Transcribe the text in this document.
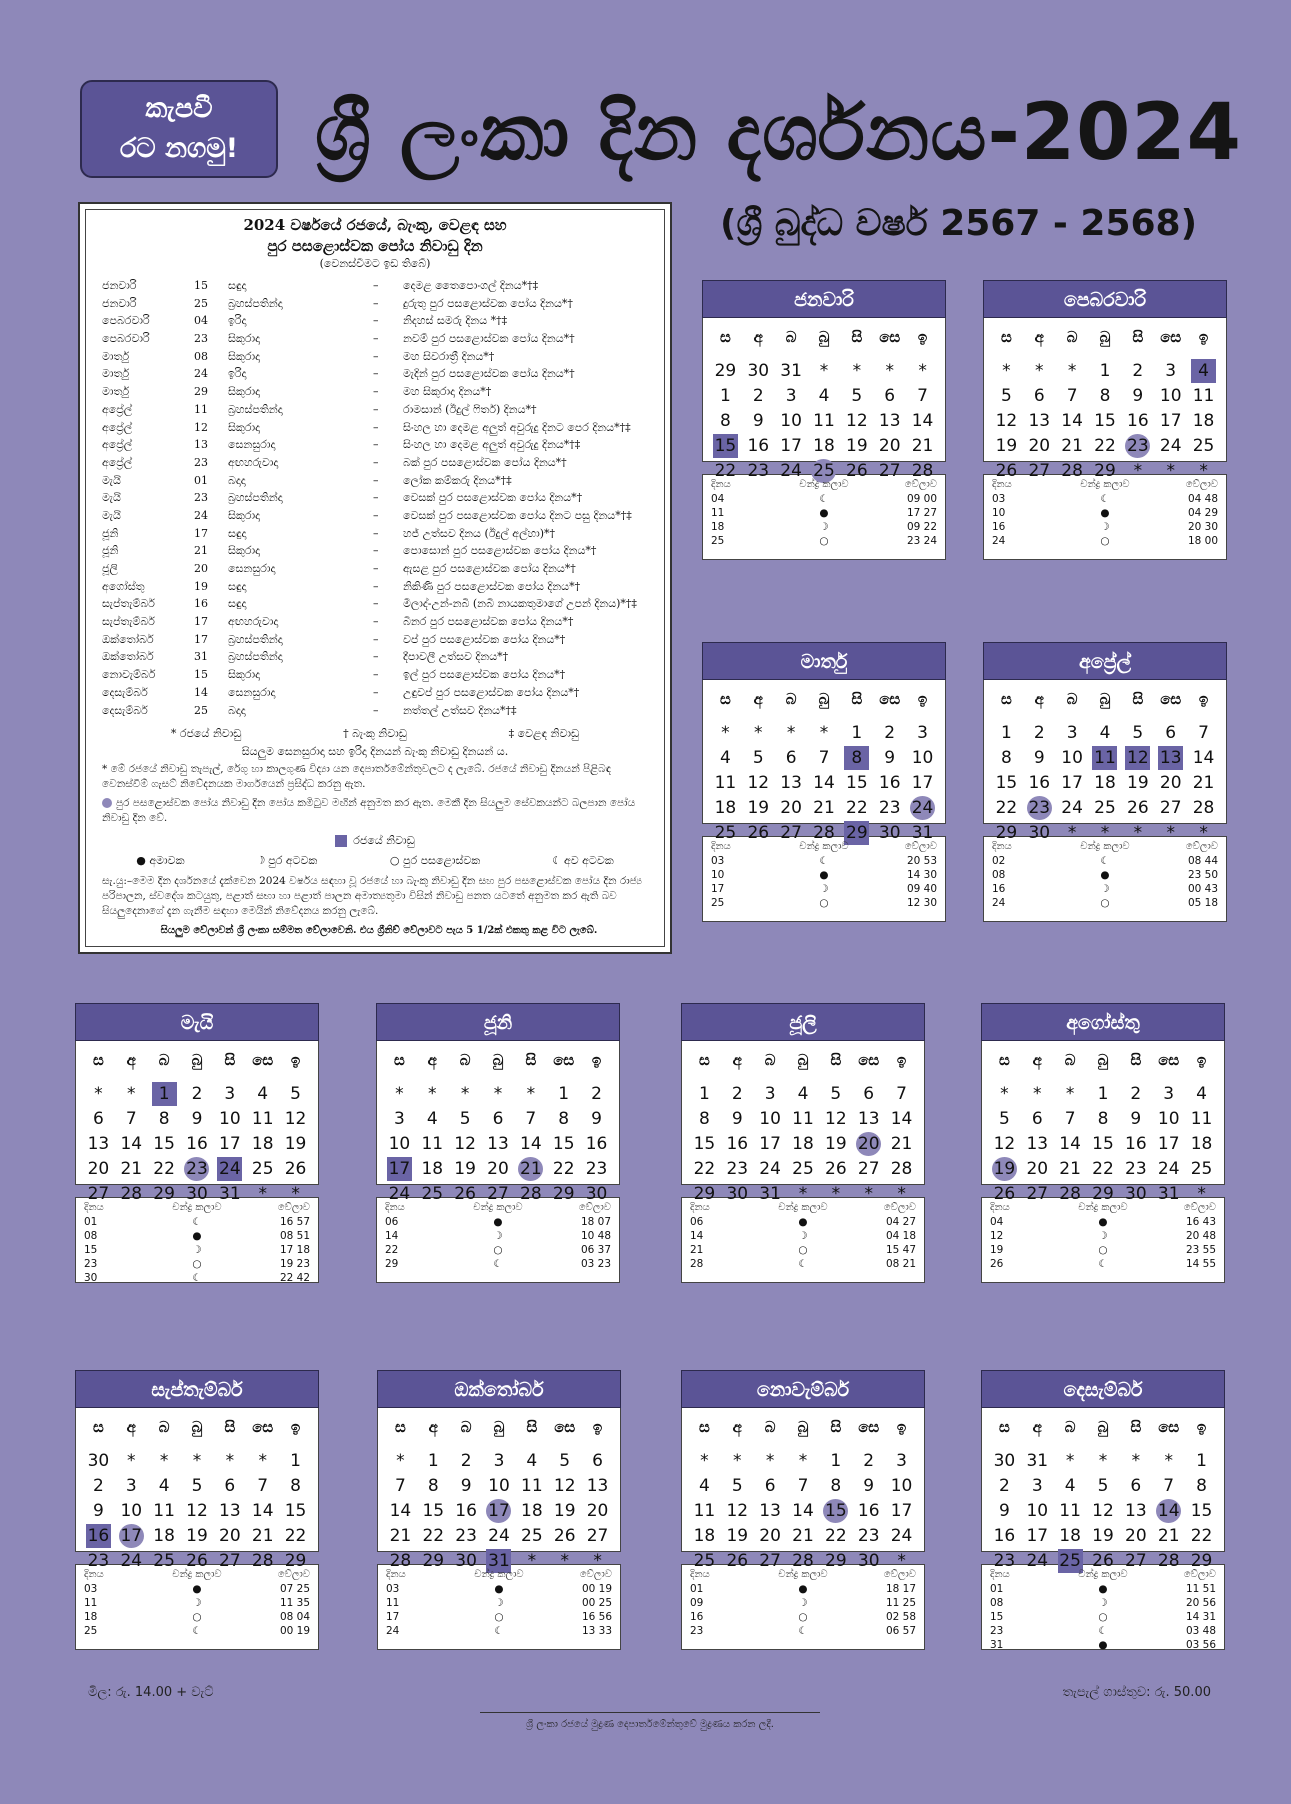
කැපවී
රට නගමු! ශ්‍රී ලංකා දින දර්ශනය-2024
(ශ්‍රී බුද්ධ වර්ෂ 2567 - 2568)
2024 වර්ෂයේ රජයේ, බැංකු, වෙළඳ සහ
පුර පසළොස්වක පෝය නිවාඩු දින
(වෙනස්වීමට ඉඩ තිබේ)
ජනවාරි	15	සඳුදා	–	දෙමළ තෛපොංගල් දිනය*†‡
ජනවාරි	25	බ්‍රහස්පතින්දා	–	දුරුතු පුර පසළොස්වක පෝය දිනය*†
පෙබරවාරි	04	ඉරිදා	–	නිදහස් සමරු දිනය *†‡
පෙබරවාරි	23	සිකුරාදා	–	නවම් පුර පසළොස්වක පෝය දිනය*†
මාර්තු	08	සිකුරාදා	–	මහ සිවරාත්‍රී දිනය*†
මාර්තු	24	ඉරිදා	–	මැදින් පුර පසළොස්වක පෝය දිනය*†
මාර්තු	29	සිකුරාදා	–	මහ සිකුරාදා දිනය*†
අප්‍රේල්	11	බ්‍රහස්පතින්දා	–	රාමසාන් (ඊදුල් ෆිතර්) දිනය*†
අප්‍රේල්	12	සිකුරාදා	–	සිංහල හා දෙමළ අලුත් අවුරුදු දිනට පෙර දිනය*†‡
අප්‍රේල්	13	සෙනසුරාදා	–	සිංහල හා දෙමළ අලුත් අවුරුදු දිනය*†‡
අප්‍රේල්	23	අඟහරුවාදා	–	බක් පුර පසළොස්වක පෝය දිනය*†
මැයි	01	බදාදා	–	ලෝක කම්කරු දිනය*†‡
මැයි	23	බ්‍රහස්පතින්දා	–	වෙසක් පුර පසළොස්වක පෝය දිනය*†
මැයි	24	සිකුරාදා	–	වෙසක් පුර පසළොස්වක පෝය දිනට පසු දිනය*†‡
ජූනි	17	සඳුදා	–	හජ් උත්සව දිනය (ඊදුල් අල්හා)*†
ජූනි	21	සිකුරාදා	–	පොසොන් පුර පසළොස්වක පෝය දිනය*†
ජූලි	20	සෙනසුරාදා	–	ඇසළ පුර පසළොස්වක පෝය දිනය*†
අගෝස්තු	19	සඳුදා	–	නිකිණි පුර පසළොස්වක පෝය දිනය*†
සැප්තැම්බර්	16	සඳුදා	–	මීලාද්-උන්-නබි (නබි නායකතුමාගේ උපන් දිනය)*†‡
සැප්තැම්බර්	17	අඟහරුවාදා	–	බිනර පුර පසළොස්වක පෝය දිනය*†
ඔක්තෝබර්	17	බ්‍රහස්පතින්දා	–	වප් පුර පසළොස්වක පෝය දිනය*†
ඔක්තෝබර්	31	බ්‍රහස්පතින්දා	–	දීපාවලී උත්සව දිනය*†
නොවැම්බර්	15	සිකුරාදා	–	ඉල් පුර පසළොස්වක පෝය දිනය*†
දෙසැම්බර්	14	සෙනසුරාදා	–	උඳුවප් පුර පසළොස්වක පෝය දිනය*†
දෙසැම්බර්	25	බදාදා	–	නත්තල් උත්සව දිනය*†‡
* රජයේ නිවාඩු	† බැංකු නිවාඩු	‡ වෙළඳ නිවාඩු
සියලුම සෙනසුරාදා සහ ඉරිදා දිනයන් බැංකු නිවාඩු දිනයන් ය.
* මේ රජයේ නිවාඩු තැපැල්, රේගු හා කාලගුණ විද්‍යා යන දෙපාර්තමේන්තුවලට ද ලැබේ. රජයේ නිවාඩු දිනයන් පිළිබඳ වෙනස්වීම් ගැසට් නිවේදනයක මාර්ගයෙන් ප්‍රසිද්ධ කරනු ඇත.
පුර පසළොස්වක පෝය නිවාඩු දින පෝය කමිටුව මඟින් අනුමත කර ඇත. මෙකී දින සියලුම සේවකයන්ට බලපාන පෝය නිවාඩු දින වේ.
රජයේ නිවාඩු
● අමාවක	☽ පුර අටවක	○ පුර පසළොස්වක	☾ අව අටවක
සැ.යු:–මෙම දින දර්ශනයේ දැක්වෙන 2024 වර්ෂය සඳහා වූ රජයේ හා බැංකු නිවාඩු දින සහ පුර පසළොස්වක පෝය දින රාජ්‍ය පරිපාලන, ස්වදේශ කටයුතු, පළාත් සභා හා පළාත් පාලන අමාත්‍යතුමා විසින් නිවාඩු පනත යටතේ අනුමත කර ඇති බව සියලුදෙනාගේ දැන ගැනීම සඳහා මෙයින් නිවේදනය කරනු ලැබේ.
සියලුම වේලාවන් ශ්‍රී ලංකා සම්මත වේලාවෙනි. එය ග්‍රීනිච් වේලාවට පැය 5 1/2ක් එකතු කළ විට ලැබේ.
ජනවාරි
ස	අ	බ	බු	සි	සෙ	ඉ
29 30 31	*	*	*	*
1	2	3	4	5	6	7
8	9 10 11 12 13 14
15 16 17 18 19 20 21
22 23 24 25 26 27 28
දිනය	චන්ද්‍ර කලාව	වේලාව
04	☾	09 00
11	●	17 27
18	☽	09 22
25	○	23 24
පෙබරවාරි
ස	අ	බ	බු	සි	සෙ	ඉ
*	*	*	1	2	3	4
5	6	7	8	9 10 11
12 13 14 15 16 17 18
19 20 21 22 23 24 25
26 27 28 29	*	*	*
දිනය	චන්ද්‍ර කලාව	වේලාව
03	☾	04 48
10	●	04 29
16	☽	20 30
24	○	18 00
මාර්තු
ස	අ	බ	බු	සි	සෙ	ඉ
*	*	*	*	1	2	3
4	5	6	7	8	9 10
11 12 13 14 15 16 17
18 19 20 21 22 23 24
25 26 27 28 29 30 31
දිනය	චන්ද්‍ර කලාව	වේලාව
03	☾	20 53
10	●	14 30
17	☽	09 40
25	○	12 30
අප්‍රේල්
ස	අ	බ	බු	සි	සෙ	ඉ
1	2	3	4	5	6	7
8	9 10 11 12 13 14
15 16 17 18 19 20 21
22 23 24 25 26 27 28
29 30	*	*	*	*	*
දිනය	චන්ද්‍ර කලාව	වේලාව
02	☾	08 44
08	●	23 50
16	☽	00 43
24	○	05 18
මැයි
ස	අ	බ	බු	සි	සෙ	ඉ
*	*	1	2	3	4	5
6	7	8	9 10 11 12
13 14 15 16 17 18 19
20 21 22 23 24 25 26
27 28 29 30 31	*	*
දිනය	චන්ද්‍ර කලාව	වේලාව
01	☾	16 57
08	●	08 51
15	☽	17 18
23	○	19 23
30	☾	22 42
ජූනි
ස	අ	බ	බු	සි	සෙ	ඉ
*	*	*	*	*	1	2
3	4	5	6	7	8	9
10 11 12 13 14 15 16
17 18 19 20 21 22 23
24 25 26 27 28 29 30
දිනය	චන්ද්‍ර කලාව	වේලාව
06	●	18 07
14	☽	10 48
22	○	06 37
29	☾	03 23
ජූලි
ස	අ	බ	බු	සි	සෙ	ඉ
1	2	3	4	5	6	7
8	9 10 11 12 13 14
15 16 17 18 19 20 21
22 23 24 25 26 27 28
29 30 31	*	*	*	*
දිනය	චන්ද්‍ර කලාව	වේලාව
06	●	04 27
14	☽	04 18
21	○	15 47
28	☾	08 21
අගෝස්තු
ස	අ	බ	බු	සි	සෙ	ඉ
*	*	*	1	2	3	4
5	6	7	8	9 10 11
12 13 14 15 16 17 18
19 20 21 22 23 24 25
26 27 28 29 30 31	*
දිනය	චන්ද්‍ර කලාව	වේලාව
04	●	16 43
12	☽	20 48
19	○	23 55
26	☾	14 55
සැප්තැම්බර්
ස	අ	බ	බු	සි	සෙ	ඉ
30	*	*	*	*	*	1
2	3	4	5	6	7	8
9 10 11 12 13 14 15
16 17 18 19 20 21 22
23 24 25 26 27 28 29
දිනය	චන්ද්‍ර කලාව	වේලාව
03	●	07 25
11	☽	11 35
18	○	08 04
25	☾	00 19
ඔක්තෝබර්
ස	අ	බ	බු	සි	සෙ	ඉ
*	1	2	3	4	5	6
7	8	9 10 11 12 13
14 15 16 17 18 19 20
21 22 23 24 25 26 27
28 29 30 31	*	*	*
දිනය	චන්ද්‍ර කලාව	වේලාව
03	●	00 19
11	☽	00 25
17	○	16 56
24	☾	13 33
නොවැම්බර්
ස	අ	බ	බු	සි	සෙ	ඉ
*	*	*	*	1	2	3
4	5	6	7	8	9 10
11 12 13 14 15 16 17
18 19 20 21 22 23 24
25 26 27 28 29 30	*
දිනය	චන්ද්‍ර කලාව	වේලාව
01	●	18 17
09	☽	11 25
16	○	02 58
23	☾	06 57
දෙසැම්බර්
ස	අ	බ	බු	සි	සෙ	ඉ
30 31	*	*	*	*	1
2	3	4	5	6	7	8
9 10 11 12 13 14 15
16 17 18 19 20 21 22
23 24 25 26 27 28 29
දිනය	චන්ද්‍ර කලාව	වේලාව
01	●	11 51
08	☽	20 56
15	○	14 31
23	☾	03 48
31	●	03 56
මිල: රු. 14.00 + වැට්	තැපැල් ගාස්තුව: රු. 50.00
ශ්‍රී ලංකා රජයේ මුද්‍රණ දෙපාර්තමේන්තුවේ මුද්‍රණය කරන ලදී.
